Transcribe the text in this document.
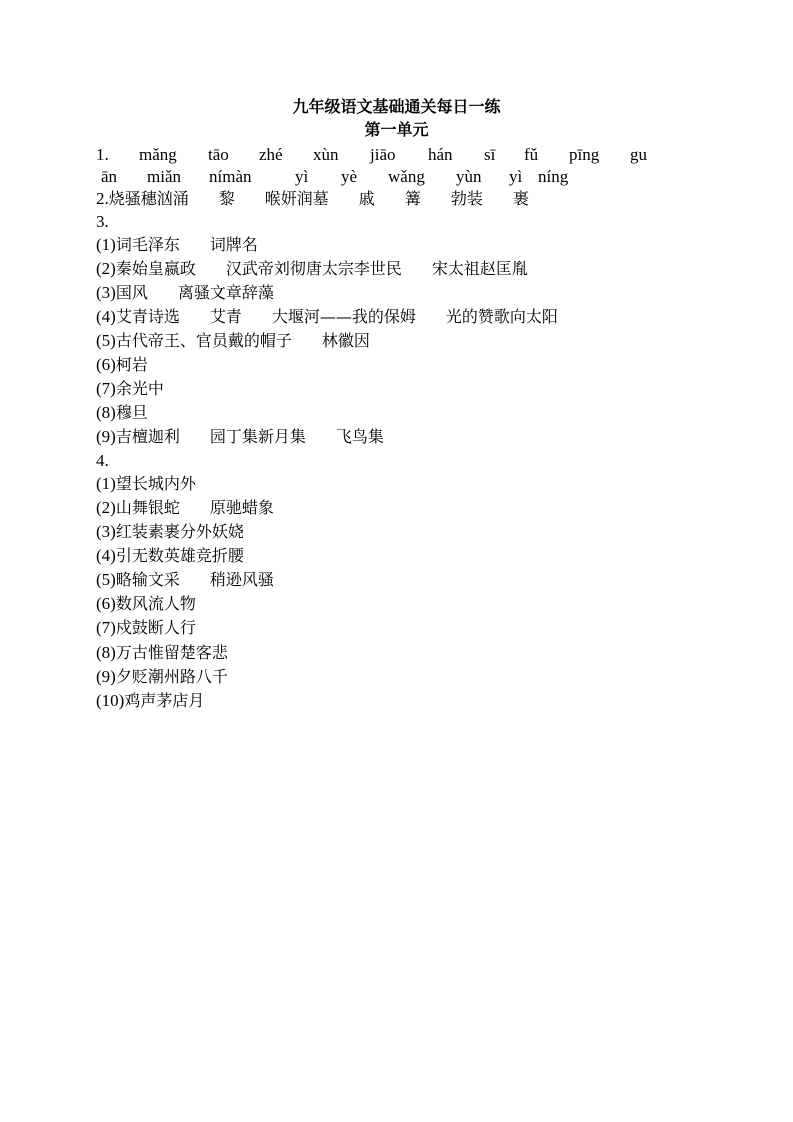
九年级语文基础通关每日一练
第一单元
1. mǎng tāo zhé xùn jiāo hán sī fǔ pīng gu
ān miǎn nímàn	yì yè wǎng yùn yì níng
2.烧骚穗汹涌 黎 喉妍润墓 戚 篝 勃装 裹
3.
(1)词毛泽东 词牌名
(2)秦始皇嬴政 汉武帝刘彻唐太宗李世民 宋太祖赵匡胤
(3)国风 离骚文章辞藻
(4)艾青诗选 艾青 大堰河——我的保姆 光的赞歌向太阳
(5)古代帝王、官员戴的帽子 林徽因
(6)柯岩
(7)余光中
(8)穆旦
(9)吉檀迦利 园丁集新月集 飞鸟集
4.
(1)望长城内外
(2)山舞银蛇 原驰蜡象
(3)红装素裹分外妖娆
(4)引无数英雄竞折腰
(5)略输文采 稍逊风骚
(6)数风流人物
(7)戍鼓断人行
(8)万古惟留楚客悲
(9)夕贬潮州路八千
(10)鸡声茅店月
